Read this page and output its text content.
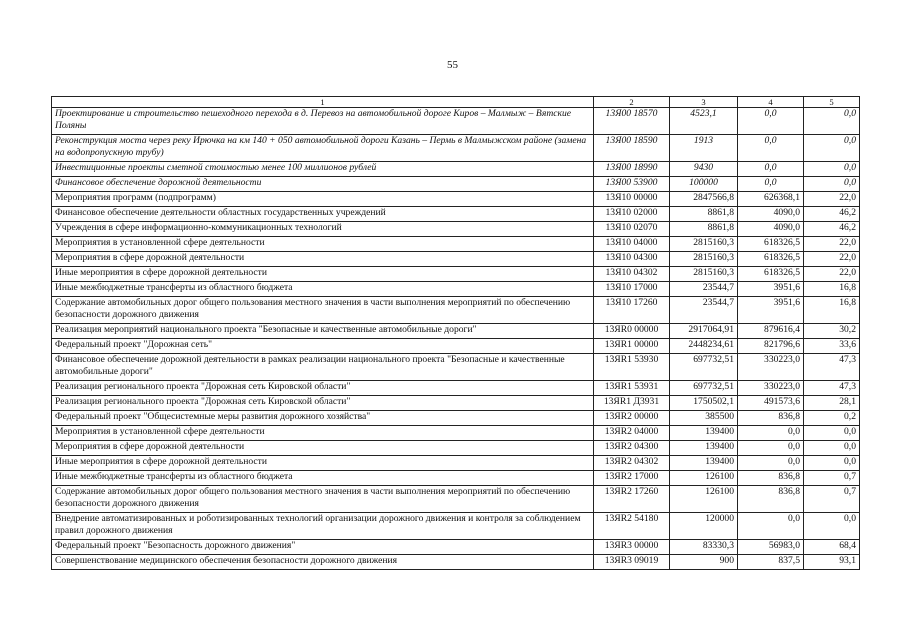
55
1	2	3	4	5
Проектирование и строительство пешеходного перехода в д. Перевоз на автомобильной дороге Киров – Малмыж – Вятские Поляны	13Я00 18570	4523,1	0,0	0,0
Реконструкция моста через реку Ирючка на км 140 + 050 автомобильной дороги Казань – Пермь в Малмыжском районе (замена на водопропускную трубу)	13Я00 18590	1913	0,0	0,0
Инвестиционные проекты сметной стоимостью менее 100 миллионов рублей	13Я00 18990	9430	0,0	0,0
Финансовое обеспечение дорожной деятельности	13Я00 53900	100000	0,0	0,0
Мероприятия программ (подпрограмм)	13Я10 00000	2847566,8	626368,1	22,0
Финансовое обеспечение деятельности областных государственных учреждений	13Я10 02000	8861,8	4090,0	46,2
Учреждения в сфере информационно-коммуникационных технологий	13Я10 02070	8861,8	4090,0	46,2
Мероприятия в установленной сфере деятельности	13Я10 04000	2815160,3	618326,5	22,0
Мероприятия в сфере дорожной деятельности	13Я10 04300	2815160,3	618326,5	22,0
Иные мероприятия в сфере дорожной деятельности	13Я10 04302	2815160,3	618326,5	22,0
Иные межбюджетные трансферты из областного бюджета	13Я10 17000	23544,7	3951,6	16,8
Содержание автомобильных дорог общего пользования местного значения в части выполнения мероприятий по обеспечению безопасности дорожного движения	13Я10 17260	23544,7	3951,6	16,8
Реализация мероприятий национального проекта "Безопасные и качественные автомобильные дороги"	13ЯR0 00000	2917064,91	879616,4	30,2
Федеральный проект "Дорожная сеть"	13ЯR1 00000	2448234,61	821796,6	33,6
Финансовое обеспечение дорожной деятельности в рамках реализации национального проекта "Безопасные и качественные автомобильные дороги"	13ЯR1 53930	697732,51	330223,0	47,3
Реализация регионального проекта "Дорожная сеть Кировской области"	13ЯR1 53931	697732,51	330223,0	47,3
Реализация регионального проекта "Дорожная сеть Кировской области"	13ЯR1 Д3931	1750502,1	491573,6	28,1
Федеральный проект "Общесистемные меры развития дорожного хозяйства"	13ЯR2 00000	385500	836,8	0,2
Мероприятия в установленной сфере деятельности	13ЯR2 04000	139400	0,0	0,0
Мероприятия в сфере дорожной деятельности	13ЯR2 04300	139400	0,0	0,0
Иные мероприятия в сфере дорожной деятельности	13ЯR2 04302	139400	0,0	0,0
Иные межбюджетные трансферты из областного бюджета	13ЯR2 17000	126100	836,8	0,7
Содержание автомобильных дорог общего пользования местного значения в части выполнения мероприятий по обеспечению безопасности дорожного движения	13ЯR2 17260	126100	836,8	0,7
Внедрение автоматизированных и роботизированных технологий организации дорожного движения и контроля за соблюдением правил дорожного движения	13ЯR2 54180	120000	0,0	0,0
Федеральный проект "Безопасность дорожного движения"	13ЯR3 00000	83330,3	56983,0	68,4
Совершенствование медицинского обеспечения безопасности дорожного движения	13ЯR3 09019	900	837,5	93,1
